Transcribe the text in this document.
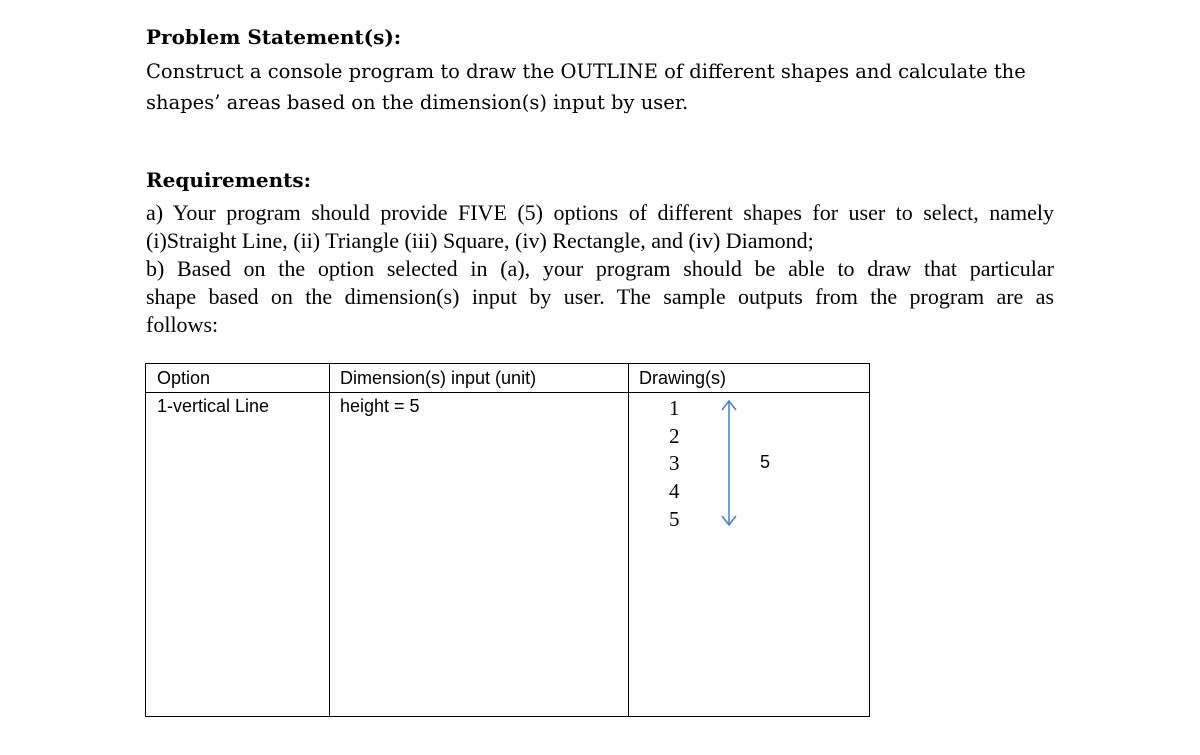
Problem Statement(s):
Construct a console program to draw the OUTLINE of different shapes and calculate the
shapes’ areas based on the dimension(s) input by user.
Requirements:
a) Your program should provide FIVE (5) options of different shapes for user to select, namely
(i)Straight Line, (ii) Triangle (iii) Square, (iv) Rectangle, and (iv) Diamond;
b) Based on the option selected in (a), your program should be able to draw that particular
shape based on the dimension(s) input by user. The sample outputs from the program are as
follows:
Option	Dimension(s) input (unit)	Drawing(s)
1-vertical Line	height = 5	1
2
3
4
5
5
